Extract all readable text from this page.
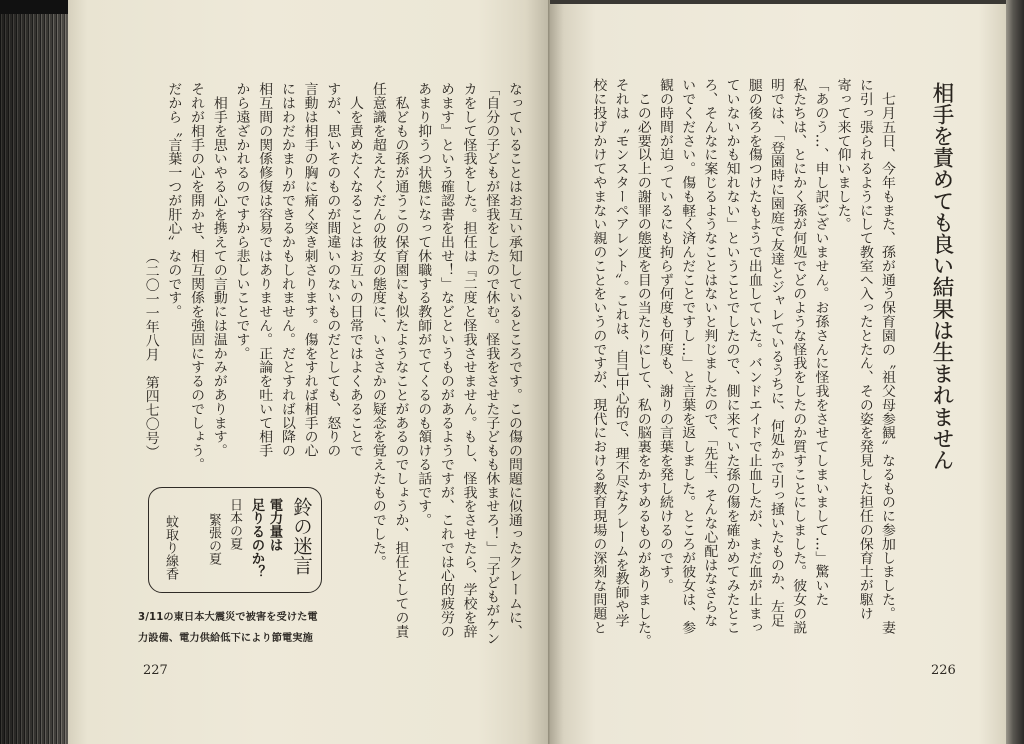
なっていることはお互い承知しているところです。この傷の問題に似通ったクレームに、

「自分の子どもが怪我をしたので休む。怪我をさせた子どもも休ませろ！」「子どもがケン

カをして怪我をした。担任は『二度と怪我させません。もし、怪我をさせたら、学校を辞

めます』という確認書を出せ！」などというものがあるようですが、これでは心的疲労の

あまり抑うつ状態になって休職する教師がでてくるのも頷ける話です。

　私どもの孫が通うこの保育園にも似たようなことがあるのでしょうか、担任としての責

任意識を超えたくだんの彼女の態度に、いささかの疑念を覚えたものでした。

　人を責めたくなることはお互いの日常ではよくあることで

すが、思いそのものが間違いのないものだとしても、怒りの

言動は相手の胸に痛く突き刺さります。傷をすれば相手の心

にはわだかまりができるかもしれません。だとすれば以降の

相互間の関係修復は容易ではありません。正論を吐いて相手

から遠ざかれるのですから悲しいことです。

　相手を思いやる心を携えての言動には温かみがあります。

それが相手の心を開かせ、相互関係を強固にするのでしょう。

だから〝言葉一つが肝心〟なのです。

（二〇一一年八月　第四七〇号）

鈴の迷言
電力量は
足りるのか？
日本の夏
緊張の夏
蚊取り線香
3/11の東日本大震災で被害を受けた電
力設備、電力供給低下により節電実施
227
相手を責めても良い結果は生まれません

　七月五日、今年もまた、孫が通う保育園の〝祖父母参観〟なるものに参加しました。妻

に引っ張られるようにして教室へ入ったとたん、その姿を発見した担任の保育士が駆け

寄って来て仰いました。

「あのう…、申し訳ございません。お孫さんに怪我をさせてしまいまして…」驚いた

私たちは、とにかく孫が何処でどのような怪我をしたのか質すことにしました。彼女の説

明では、「登園時に園庭で友達とジャレているうちに、何処かで引っ掻いたものか、左足

腿の後ろを傷つけたもようで出血していた。バンドエイドで止血したが、まだ血が止まっ

ていないかも知れない」ということでしたので、側に来ていた孫の傷を確かめてみたとこ

ろ、そんなに案じるようなことはないと判じましたので、「先生、そんな心配はなさらな

いでください。傷も軽く済んだことですし…」と言葉を返しました。ところが彼女は、参

観の時間が迫っているにも拘らず何度も何度も、謝りの言葉を発し続けるのです。

　この必要以上の謝罪の態度を目の当たりにして、私の脳裏をかすめるものがありました。

それは〝モンスターペアレント〟。これは、自己中心的で、理不尽なクレームを教師や学

校に投げかけてやまない親のことをいうのですが、現代における教育現場の深刻な問題と

226
